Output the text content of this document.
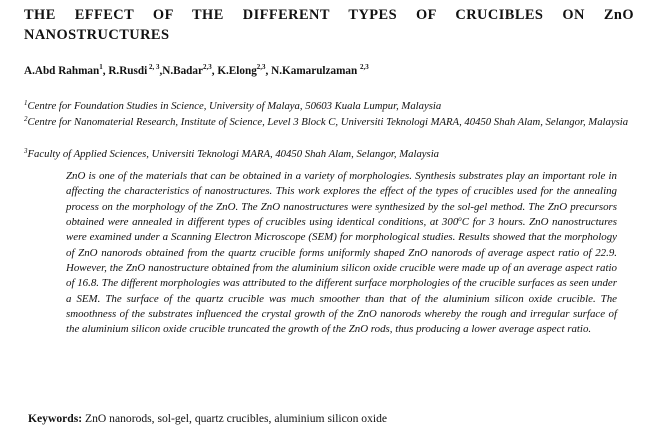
THE EFFECT OF THE DIFFERENT TYPES OF CRUCIBLES ON ZnO NANOSTRUCTURES
A.Abd Rahman$^1$, R.Rusdi $^{2, 3}$,N.Badar$^{2,3}$, K.Elong$^{2,3}$, N.Kamarulzaman $^{2,3}$

$^1$Centre for Foundation Studies in Science, University of Malaya, 50603 Kuala Lumpur, Malaysia

$^2$Centre for Nanomaterial Research, Institute of Science, Level 3 Block C, Universiti Teknologi MARA, 40450 Shah Alam, Selangor, Malaysia

$^3$Faculty of Applied Sciences, Universiti Teknologi MARA, 40450 Shah Alam, Selangor, Malaysia

ZnO is one of the materials that can be obtained in a variety of morphologies. Synthesis substrates play an important role in affecting the characteristics of nanostructures. This work explores the effect of the types of crucibles used for the annealing process on the morphology of the ZnO. The ZnO nanostructures were synthesized by the sol-gel method. The ZnO precursors obtained were annealed in different types of crucibles using identical conditions, at 300$^o$C for 3 hours. ZnO nanostructures were examined under a Scanning Electron Microscope (SEM) for morphological studies. Results showed that the morphology of ZnO nanorods obtained from the quartz crucible forms uniformly shaped ZnO nanorods of average aspect ratio of 22.9. However, the ZnO nanostructure obtained from the aluminium silicon oxide crucible were made up of an average aspect ratio of 16.8. The different morphologies was attributed to the different surface morphologies of the crucible surfaces as seen under a SEM. The surface of the quartz crucible was much smoother than that of the aluminium silicon oxide crucible. The smoothness of the substrates influenced the crystal growth of the ZnO nanorods whereby the rough and irregular surface of the aluminium silicon oxide crucible truncated the growth of the ZnO rods, thus producing a lower average aspect ratio.

Keywords: ZnO nanorods, sol-gel, quartz crucibles, aluminium silicon oxide
